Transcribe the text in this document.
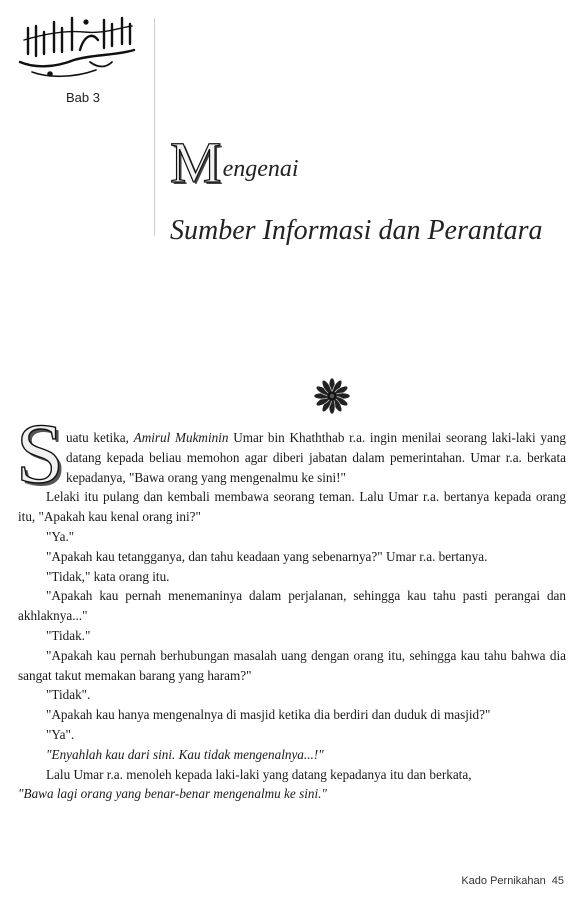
Bab 3
Mengenai
Sumber Informasi dan Perantara
S uatu ketika, Amirul Mukminin Umar bin Khaththab r.a. ingin menilai seorang laki-laki yang datang kepada beliau memohon agar diberi jabatan dalam pemerintahan. Umar r.a. berkata kepadanya, "Bawa orang yang mengenalmu ke sini!"

Lelaki itu pulang dan kembali membawa seorang teman. Lalu Umar r.a. bertanya kepada orang itu, "Apakah kau kenal orang ini?"

"Ya."

"Apakah kau tetangganya, dan tahu keadaan yang sebenarnya?" Umar r.a. bertanya.

"Tidak," kata orang itu.

"Apakah kau pernah menemaninya dalam perjalanan, sehingga kau tahu pasti perangai dan akhlaknya..."

"Tidak."

"Apakah kau pernah berhubungan masalah uang dengan orang itu, sehingga kau tahu bahwa dia sangat takut memakan barang yang haram?"

"Tidak".

"Apakah kau hanya mengenalnya di masjid ketika dia berdiri dan duduk di masjid?"

"Ya".

"Enyahlah kau dari sini. Kau tidak mengenalnya...!"

Lalu Umar r.a. menoleh kepada laki-laki yang datang kepadanya itu dan berkata,

"Bawa lagi orang yang benar-benar mengenalmu ke sini."

Kado Pernikahan 45
